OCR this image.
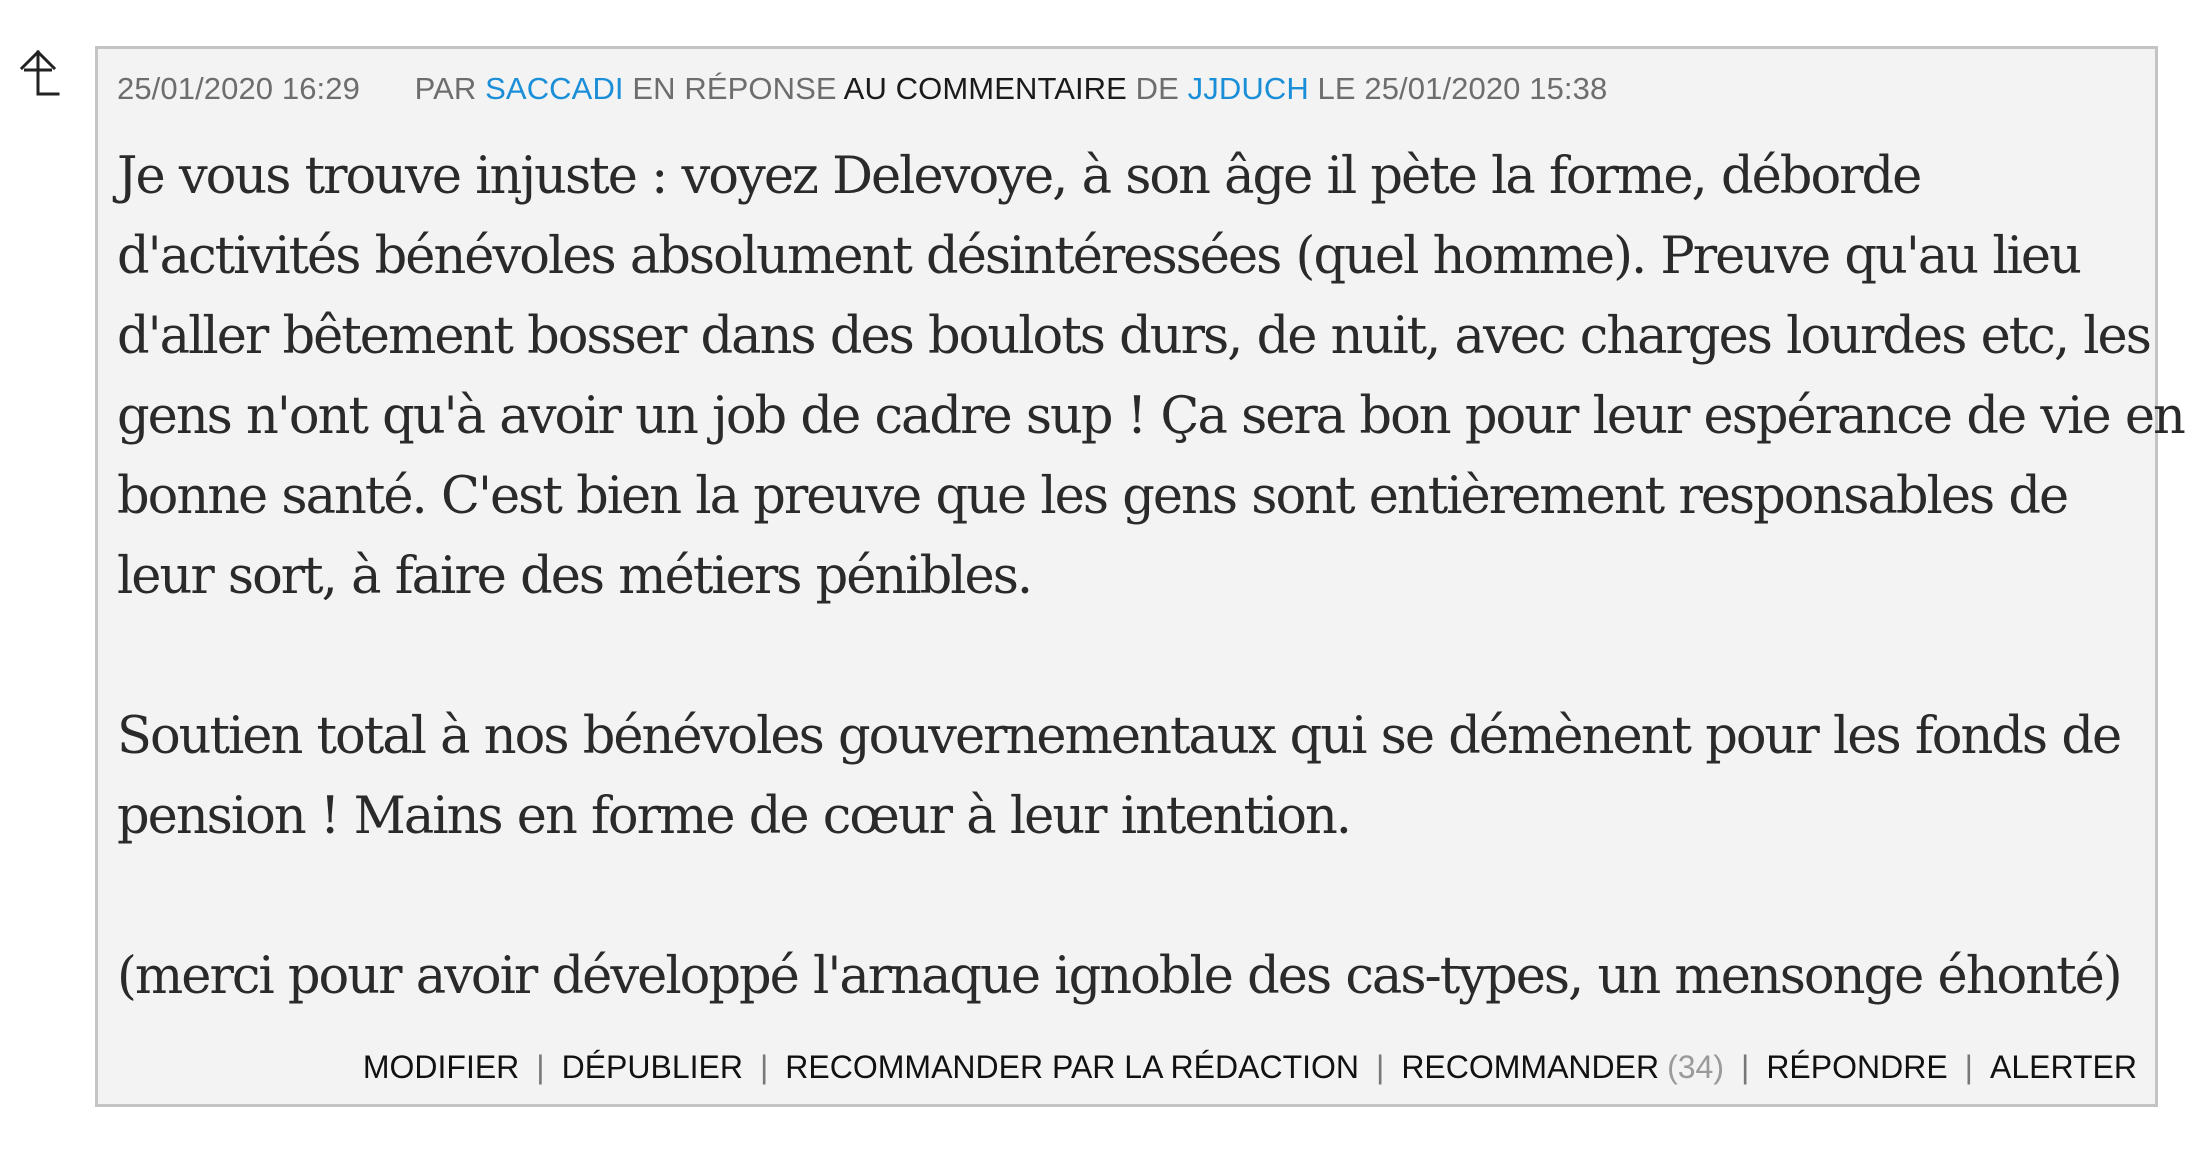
25/01/2020 16:29 PAR SACCADI EN RÉPONSE AU COMMENTAIRE DE JJDUCH LE 25/01/2020 15:38

Je vous trouve injuste : voyez Delevoye, à son âge il pète la forme, déborde
d'activités bénévoles absolument désintéressées (quel homme). Preuve qu'au lieu
d'aller bêtement bosser dans des boulots durs, de nuit, avec charges lourdes etc, les
gens n'ont qu'à avoir un job de cadre sup ! Ça sera bon pour leur espérance de vie en
bonne santé. C'est bien la preuve que les gens sont entièrement responsables de
leur sort, à faire des métiers pénibles.

Soutien total à nos bénévoles gouvernementaux qui se démènent pour les fonds de
pension ! Mains en forme de cœur à leur intention.

(merci pour avoir développé l'arnaque ignoble des cas-types, un mensonge éhonté)

MODIFIER | DÉPUBLIER | RECOMMANDER PAR LA RÉDACTION | RECOMMANDER (34) | RÉPONDRE | ALERTER
